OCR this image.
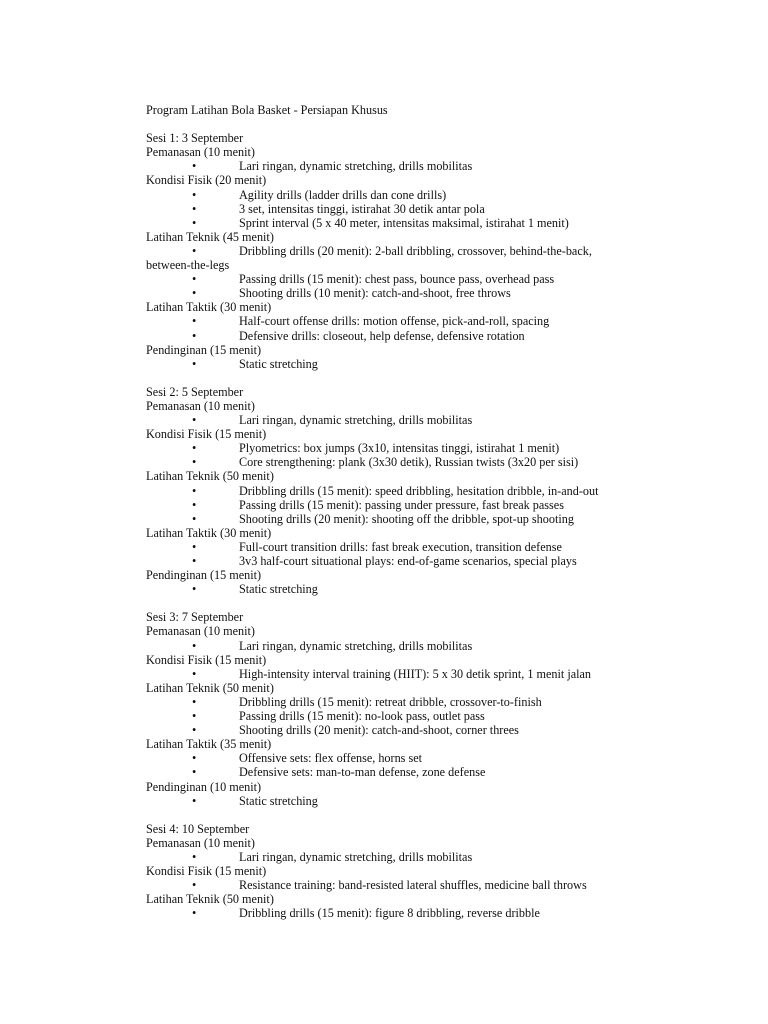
Program Latihan Bola Basket - Persiapan Khusus
Sesi 1: 3 September
Pemanasan (10 menit)
•	Lari ringan, dynamic stretching, drills mobilitas
Kondisi Fisik (20 menit)
•	Agility drills (ladder drills dan cone drills)
•	3 set, intensitas tinggi, istirahat 30 detik antar pola
•	Sprint interval (5 x 40 meter, intensitas maksimal, istirahat 1 menit)
Latihan Teknik (45 menit)
•	Dribbling drills (20 menit): 2-ball dribbling, crossover, behind-the-back,
between-the-legs
•	Passing drills (15 menit): chest pass, bounce pass, overhead pass
•	Shooting drills (10 menit): catch-and-shoot, free throws
Latihan Taktik (30 menit)
•	Half-court offense drills: motion offense, pick-and-roll, spacing
•	Defensive drills: closeout, help defense, defensive rotation
Pendinginan (15 menit)
•	Static stretching
Sesi 2: 5 September
Pemanasan (10 menit)
•	Lari ringan, dynamic stretching, drills mobilitas
Kondisi Fisik (15 menit)
•	Plyometrics: box jumps (3x10, intensitas tinggi, istirahat 1 menit)
•	Core strengthening: plank (3x30 detik), Russian twists (3x20 per sisi)
Latihan Teknik (50 menit)
•	Dribbling drills (15 menit): speed dribbling, hesitation dribble, in-and-out
•	Passing drills (15 menit): passing under pressure, fast break passes
•	Shooting drills (20 menit): shooting off the dribble, spot-up shooting
Latihan Taktik (30 menit)
•	Full-court transition drills: fast break execution, transition defense
•	3v3 half-court situational plays: end-of-game scenarios, special plays
Pendinginan (15 menit)
•	Static stretching
Sesi 3: 7 September
Pemanasan (10 menit)
•	Lari ringan, dynamic stretching, drills mobilitas
Kondisi Fisik (15 menit)
•	High-intensity interval training (HIIT): 5 x 30 detik sprint, 1 menit jalan
Latihan Teknik (50 menit)
•	Dribbling drills (15 menit): retreat dribble, crossover-to-finish
•	Passing drills (15 menit): no-look pass, outlet pass
•	Shooting drills (20 menit): catch-and-shoot, corner threes
Latihan Taktik (35 menit)
•	Offensive sets: flex offense, horns set
•	Defensive sets: man-to-man defense, zone defense
Pendinginan (10 menit)
•	Static stretching
Sesi 4: 10 September
Pemanasan (10 menit)
•	Lari ringan, dynamic stretching, drills mobilitas
Kondisi Fisik (15 menit)
•	Resistance training: band-resisted lateral shuffles, medicine ball throws
Latihan Teknik (50 menit)
•	Dribbling drills (15 menit): figure 8 dribbling, reverse dribble
